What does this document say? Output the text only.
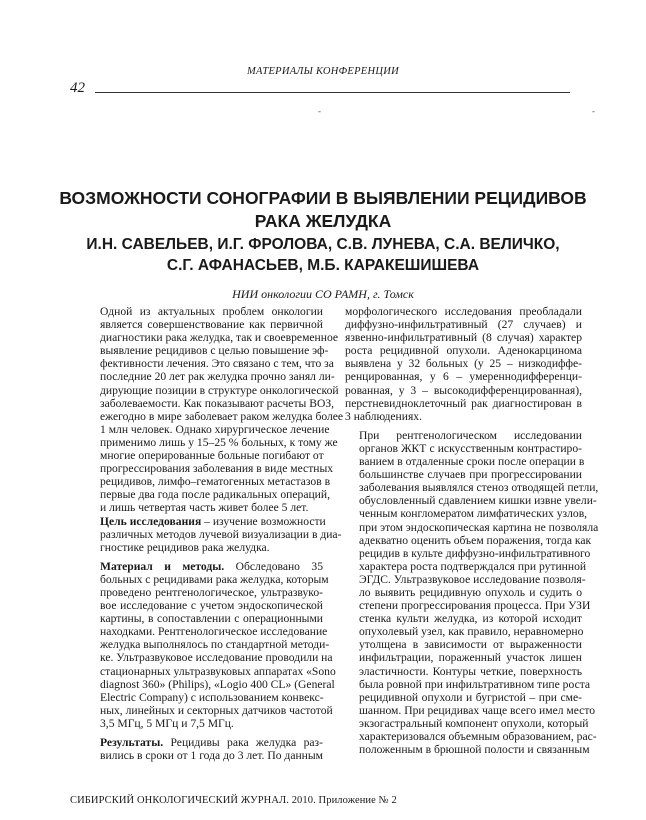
МАТЕРИАЛЫ КОНФЕРЕНЦИИ
42
-	-
ВОЗМОЖНОСТИ СОНОГРАФИИ В ВЫЯВЛЕНИИ РЕЦИДИВОВ
РАКА ЖЕЛУДКА
И.Н. САВЕЛЬЕВ, И.Г. ФРОЛОВА, С.В. ЛУНЕВА, С.А. ВЕЛИЧКО,
С.Г. АФАНАСЬЕВ, М.Б. КАРАКЕШИШЕВА
НИИ онкологии СО РАМН, г. Томск

Одной из актуальных проблем онкологии
является совершенствование как первичной
диагностики рака желудка, так и своевременное
выявление рецидивов с целью повышение эф-
фективности лечения. Это связано с тем, что за
последние 20 лет рак желудка прочно занял ли-
дирующие позиции в структуре онкологической
заболеваемости. Как показывают расчеты ВОЗ,
ежегодно в мире заболевает раком желудка более
1 млн человек. Однако хирургическое лечение
применимо лишь у 15–25 % больных, к тому же
многие оперированные больные погибают от
прогрессирования заболевания в виде местных
рецидивов, лимфо–гематогенных метастазов в
первые два года после радикальных операций,
и лишь четвертая часть живет более 5 лет.

Цель исследования – изучение возможности
различных методов лучевой визуализации в диа-
гностике рецидивов рака желудка.

Материал и методы. Обследовано 35
больных с рецидивами рака желудка, которым
проведено рентгенологическое, ультразвуко-
вое исследование с учетом эндоскопической
картины, в сопоставлении с операционными
находками. Рентгенологическое исследование
желудка выполнялось по стандартной методи-
ке. Ультразвуковое исследование проводили на
стационарных ультразвуковых аппаратах «Sono
diagnost 360» (Philips), «Logio 400 CL» (General
Electric Company) с использованием конвекс-
ных, линейных и секторных датчиков частотой
3,5 МГц, 5 МГц и 7,5 МГц.

Результаты. Рецидивы рака желудка раз-
вились в сроки от 1 года до 3 лет. По данным

морфологического исследования преобладали
диффузно-инфильтративный (27 случаев) и
язвенно-инфильтративный (8 случая) характер
роста рецидивной опухоли. Аденокарцинома
выявлена у 32 больных (у 25 – низкодиффе-
ренцированная, у 6 – умереннодифференци-
рованная, у 3 – высокодифференцированная),
перстневидноклеточный рак диагностирован в
3 наблюдениях.

При рентгенологическом исследовании
органов ЖКТ с искусственным контрастиро-
ванием в отдаленные сроки после операции в
большинстве случаев при прогрессировании
заболевания выявлялся стеноз отводящей петли,
обусловленный сдавлением кишки извне увели-
ченным конгломератом лимфатических узлов,
при этом эндоскопическая картина не позволяла
адекватно оценить объем поражения, тогда как
рецидив в культе диффузно-инфильтративного
характера роста подтверждался при рутинной
ЭГДС. Ультразвуковое исследование позволя-
ло выявить рецидивную опухоль и судить о
степени прогрессирования процесса. При УЗИ
стенка культи желудка, из которой исходит
опухолевый узел, как правило, неравномерно
утолщена в зависимости от выраженности
инфильтрации, пораженный участок лишен
эластичности. Контуры четкие, поверхность
была ровной при инфильтративном типе роста
рецидивной опухоли и бугристой – при сме-
шанном. При рецидивах чаще всего имел место
экзогастральный компонент опухоли, который
характеризовался объемным образованием, рас-
положенным в брюшной полости и связанным

СИБИРСКИЙ ОНКОЛОГИЧЕСКИЙ ЖУРНАЛ. 2010. Приложение № 2
